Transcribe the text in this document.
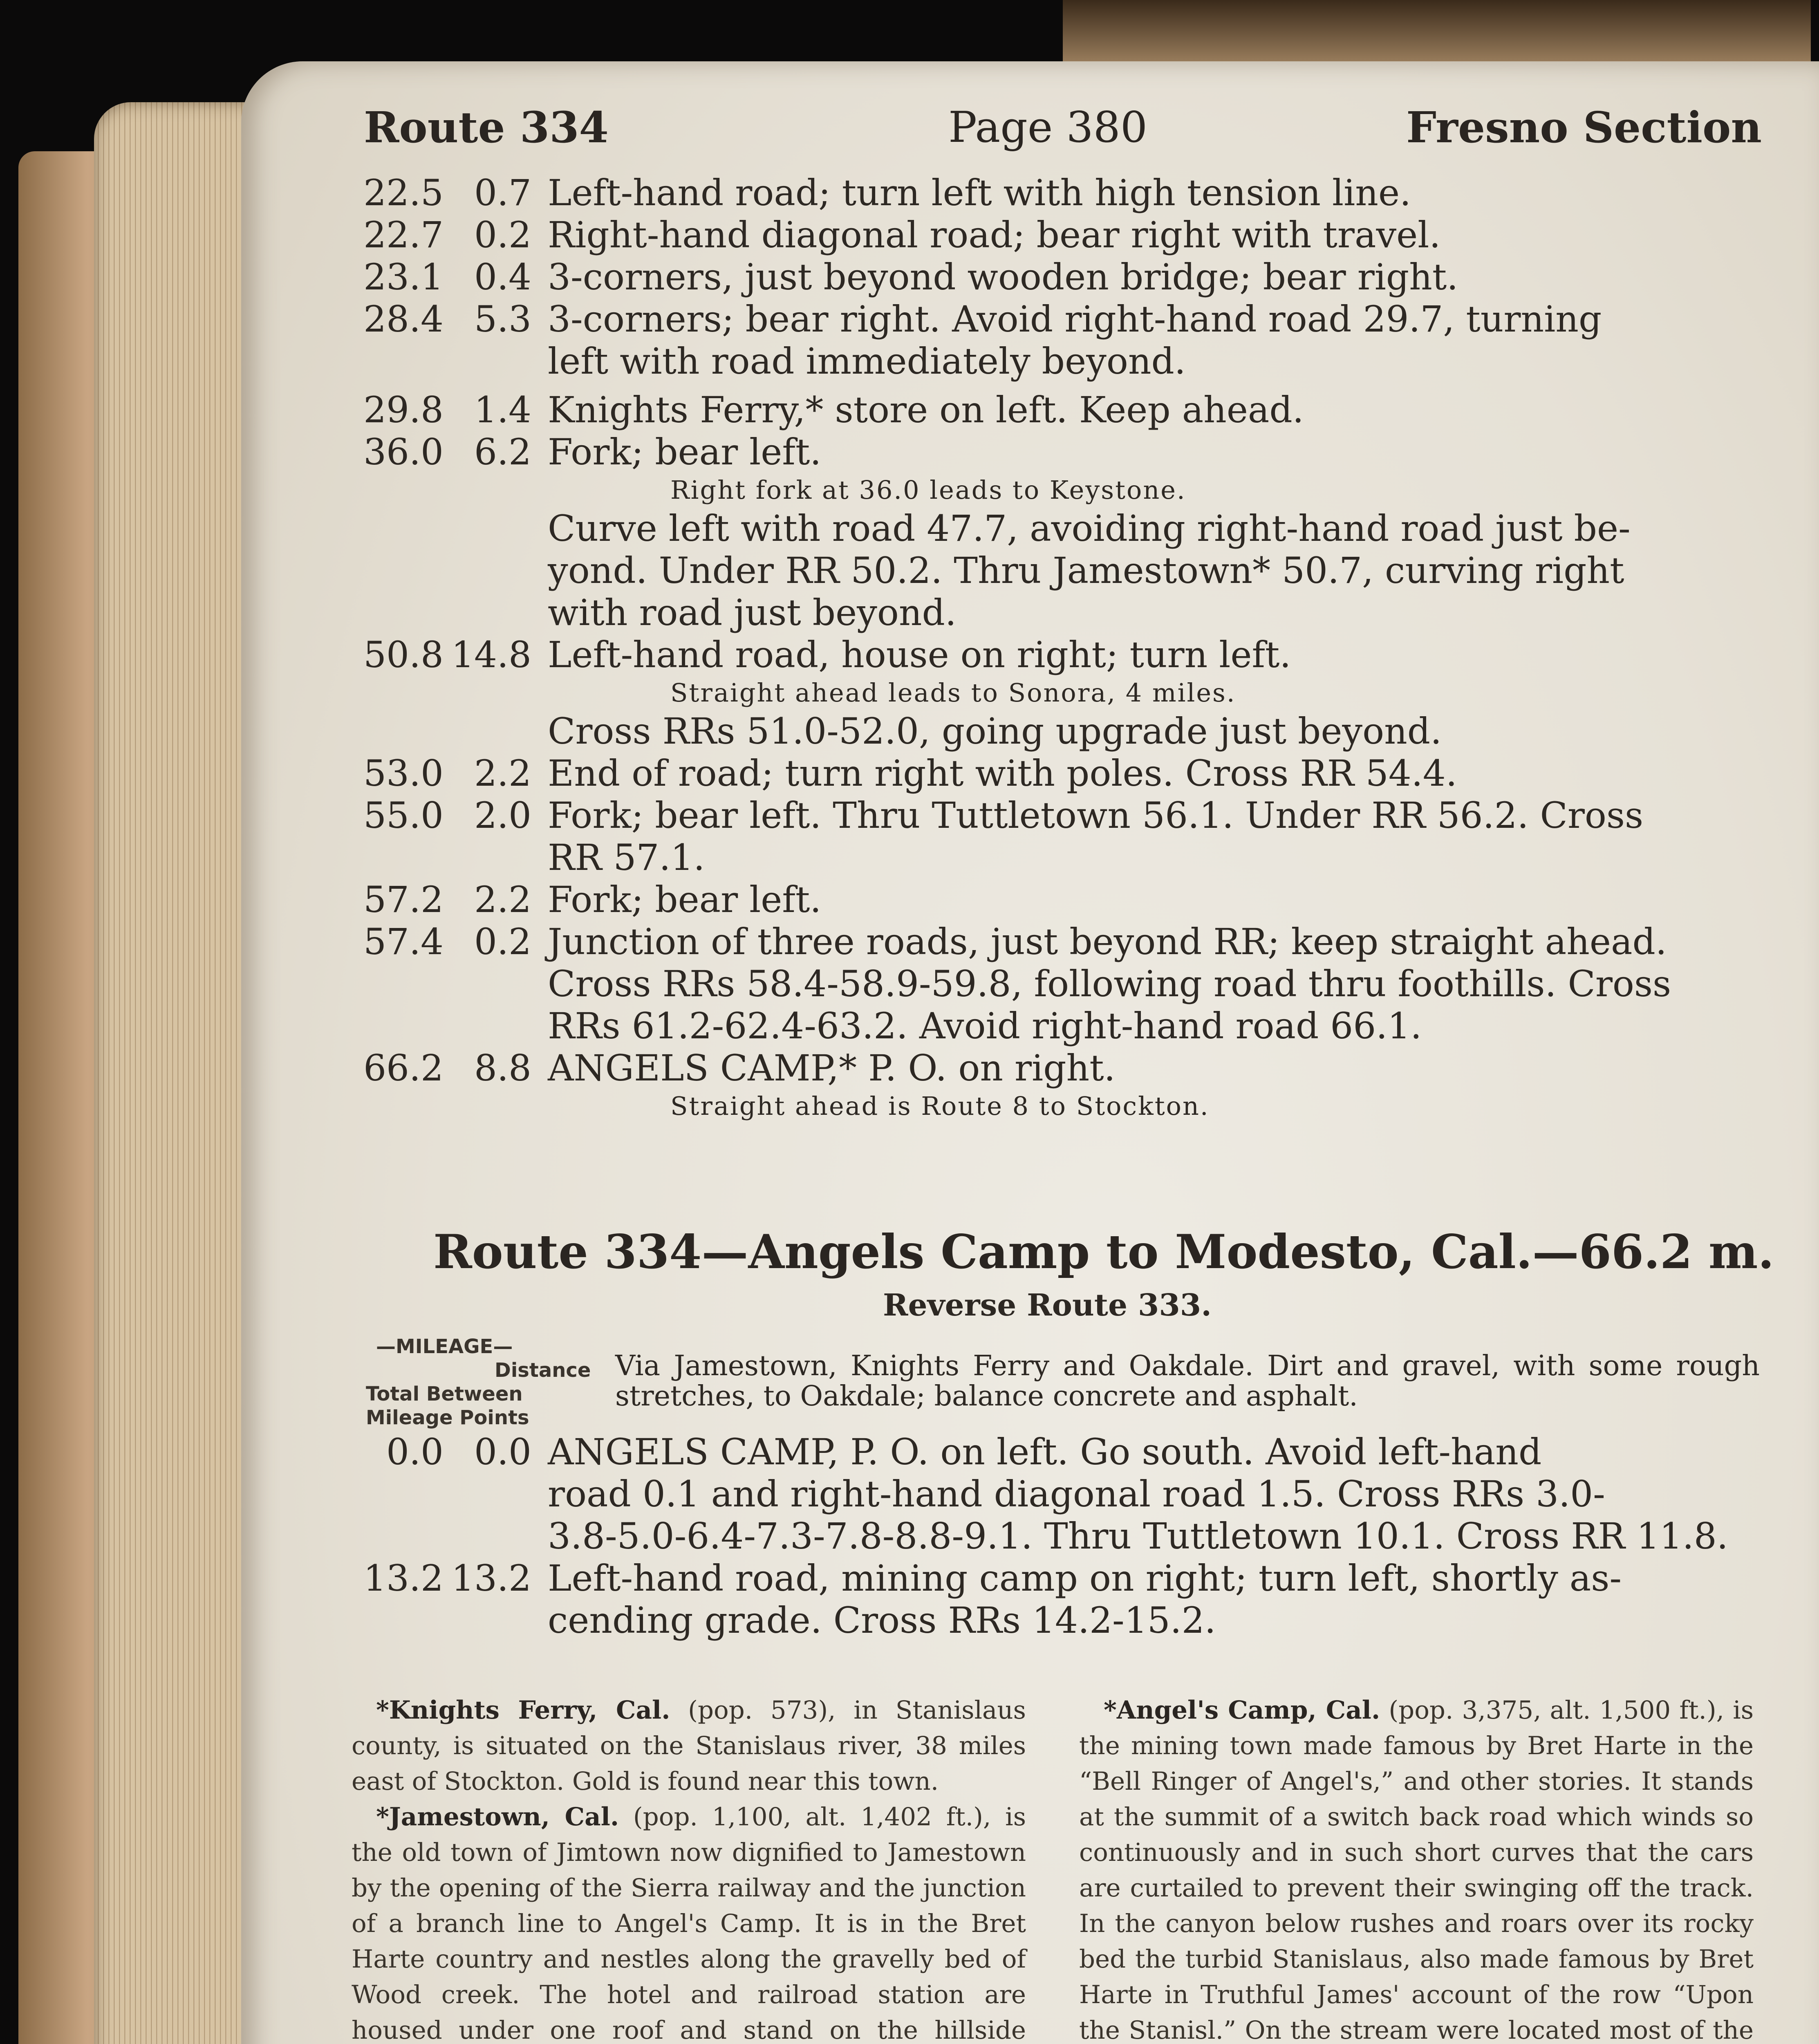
Route 334	Page 380	Fresno Section
22.5 0.7 Left-hand road; turn left with high tension line.
22.7 0.2 Right-hand diagonal road; bear right with travel.
23.1 0.4 3-corners, just beyond wooden bridge; bear right.
28.4 5.3 3-corners; bear right. Avoid right-hand road 29.7, turning
left with road immediately beyond.
29.8 1.4 Knights Ferry,* store on left. Keep ahead.
36.0 6.2 Fork; bear left.
Right fork at 36.0 leads to Keystone.
Curve left with road 47.7, avoiding right-hand road just be-
yond. Under RR 50.2. Thru Jamestown* 50.7, curving right
with road just beyond.
50.8 14.8 Left-hand road, house on right; turn left.
Straight ahead leads to Sonora, 4 miles.
Cross RRs 51.0-52.0, going upgrade just beyond.
53.0 2.2 End of road; turn right with poles. Cross RR 54.4.
55.0 2.0 Fork; bear left. Thru Tuttletown 56.1. Under RR 56.2. Cross
RR 57.1.
57.2 2.2 Fork; bear left.
57.4 0.2 Junction of three roads, just beyond RR; keep straight ahead.
Cross RRs 58.4-58.9-59.8, following road thru foothills. Cross
RRs 61.2-62.4-63.2. Avoid right-hand road 66.1.
66.2 8.8 ANGELS CAMP,* P. O. on right.
Straight ahead is Route 8 to Stockton.
Route 334—Angels Camp to Modesto, Cal.—66.2 m.
Reverse Route 333.
—MILEAGE—
Distance
Total Between
Mileage Points
Via Jamestown, Knights Ferry and Oakdale. Dirt and gravel, with some rough stretches, to Oakdale; balance concrete and asphalt.
0.0 0.0 ANGELS CAMP, P. O. on left. Go south. Avoid left-hand
road 0.1 and right-hand diagonal road 1.5. Cross RRs 3.0-
3.8-5.0-6.4-7.3-7.8-8.8-9.1. Thru Tuttletown 10.1. Cross RR 11.8.
13.2 13.2 Left-hand road, mining camp on right; turn left, shortly as-
cending grade. Cross RRs 14.2-15.2.

*Knights Ferry, Cal. (pop. 573), in Stanislaus county, is situated on the Stanislaus river, 38 miles east of Stockton. Gold is found near this town.

*Jamestown, Cal. (pop. 1,100, alt. 1,402 ft.), is the old town of Jimtown now dignified to Jamestown by the opening of the Sierra railway and the junction of a branch line to Angel's Camp. It is in the Bret Harte country and nestles along the gravelly bed of Wood creek. The hotel and railroad station are housed under one roof and stand on the hillside

*Angel's Camp, Cal. (pop. 3,375, alt. 1,500 ft.), is the mining town made famous by Bret Harte in the “Bell Ringer of Angel's,” and other stories. It stands at the summit of a switch back road which winds so continuously and in such short curves that the cars are curtailed to prevent their swinging off the track. In the canyon below rushes and roars over its rocky bed the turbid Stanislaus, also made famous by Bret Harte in Truthful James' account of the row “Upon the Stanisl.” On the stream were located most of the
